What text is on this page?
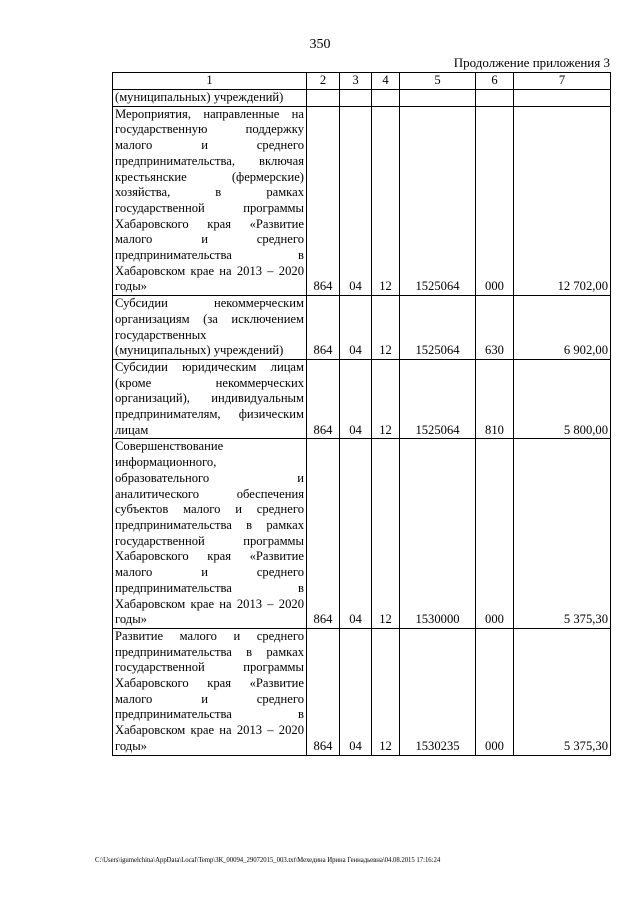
350
Продолжение приложения 3
1	2	3	4	5	6	7
(муниципальных) учреждений)						
Мероприятия, направленные на государственную поддержку малого и среднего предпринимательства, включая крестьянские (фермерские) хозяйства, в рамках государственной программы Хабаровского края «Развитие малого и среднего предпринимательства в Хабаровском крае на 2013 – 2020 годы»	864	04	12	1525064	000	12 702,00
Субсидии некоммерческим организациям (за исключением государственных (муниципальных) учреждений)	864	04	12	1525064	630	6 902,00
Субсидии юридическим лицам (кроме некоммерческих организаций), индивидуальным предпринимателям, физическим лицам	864	04	12	1525064	810	5 800,00
Совершенствование информационного, образовательного и аналитического обеспечения субъектов малого и среднего предпринимательства в рамках государственной программы Хабаровского края «Развитие малого и среднего предпринимательства в Хабаровском крае на 2013 – 2020 годы»	864	04	12	1530000	000	5 375,30
Развитие малого и среднего предпринимательства в рамках государственной программы Хабаровского края «Развитие малого и среднего предпринимательства в Хабаровском крае на 2013 – 2020 годы»	864	04	12	1530235	000	5 375,30
C:\Users\igumelchina\AppData\Local\Temp\ЗК_00094_29072015_003.txt\Мехедина Ирина Геннадьевна\04.08.2015 17:16:24
